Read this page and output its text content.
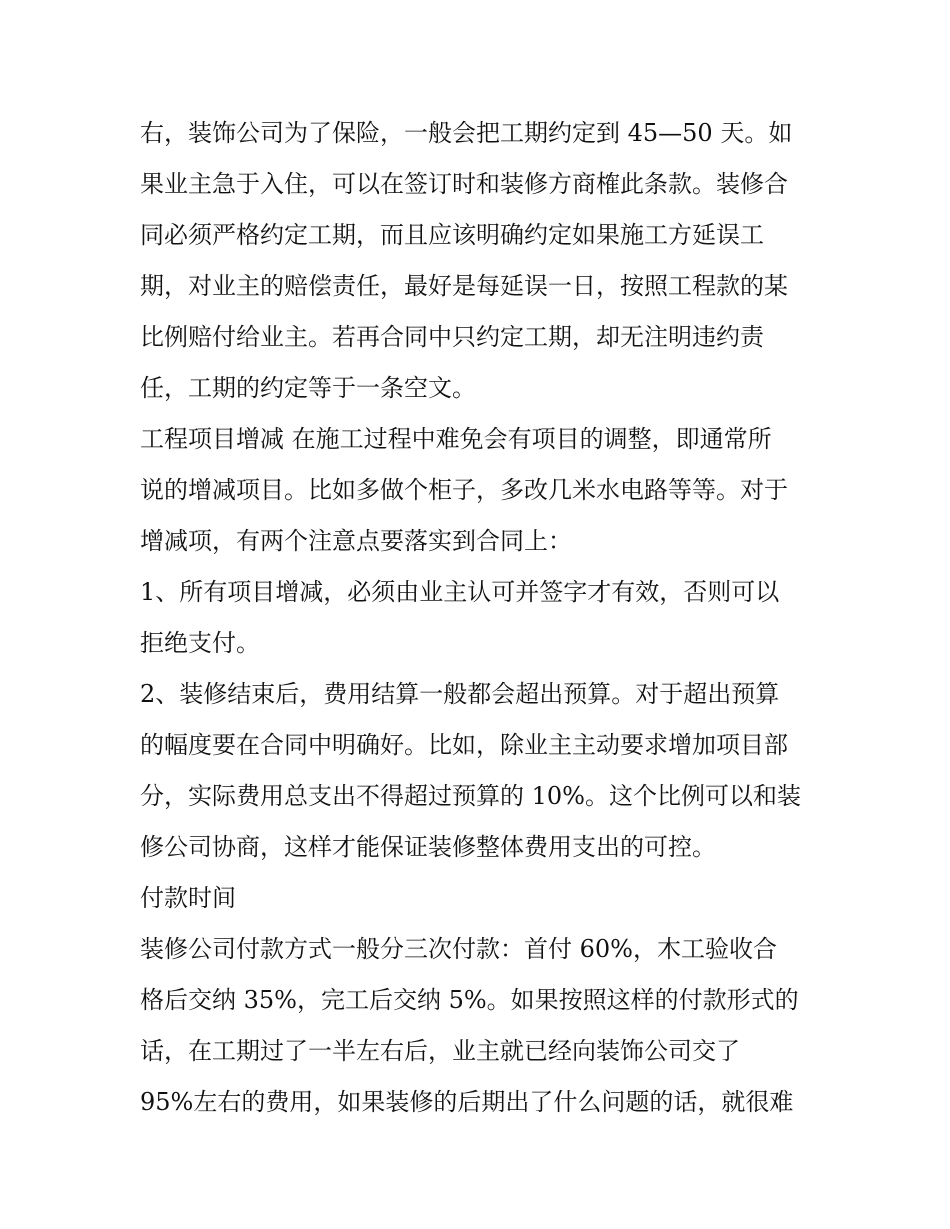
右，装饰公司为了保险，一般会把工期约定到 45—50 天。如
果业主急于入住，可以在签订时和装修方商榷此条款。装修合
同必须严格约定工期，而且应该明确约定如果施工方延误工
期，对业主的赔偿责任，最好是每延误一日，按照工程款的某
比例赔付给业主。若再合同中只约定工期，却无注明违约责
任，工期的约定等于一条空文。
工程项目增减 在施工过程中难免会有项目的调整，即通常所
说的增减项目。比如多做个柜子，多改几米水电路等等。对于
增减项，有两个注意点要落实到合同上：
1、所有项目增减，必须由业主认可并签字才有效，否则可以
拒绝支付。
2、装修结束后，费用结算一般都会超出预算。对于超出预算
的幅度要在合同中明确好。比如，除业主主动要求增加项目部
分，实际费用总支出不得超过预算的 10%。这个比例可以和装
修公司协商，这样才能保证装修整体费用支出的可控。
付款时间
装修公司付款方式一般分三次付款：首付 60%，木工验收合
格后交纳 35%，完工后交纳 5%。如果按照这样的付款形式的
话，在工期过了一半左右后，业主就已经向装饰公司交了
95%左右的费用，如果装修的后期出了什么问题的话，就很难
